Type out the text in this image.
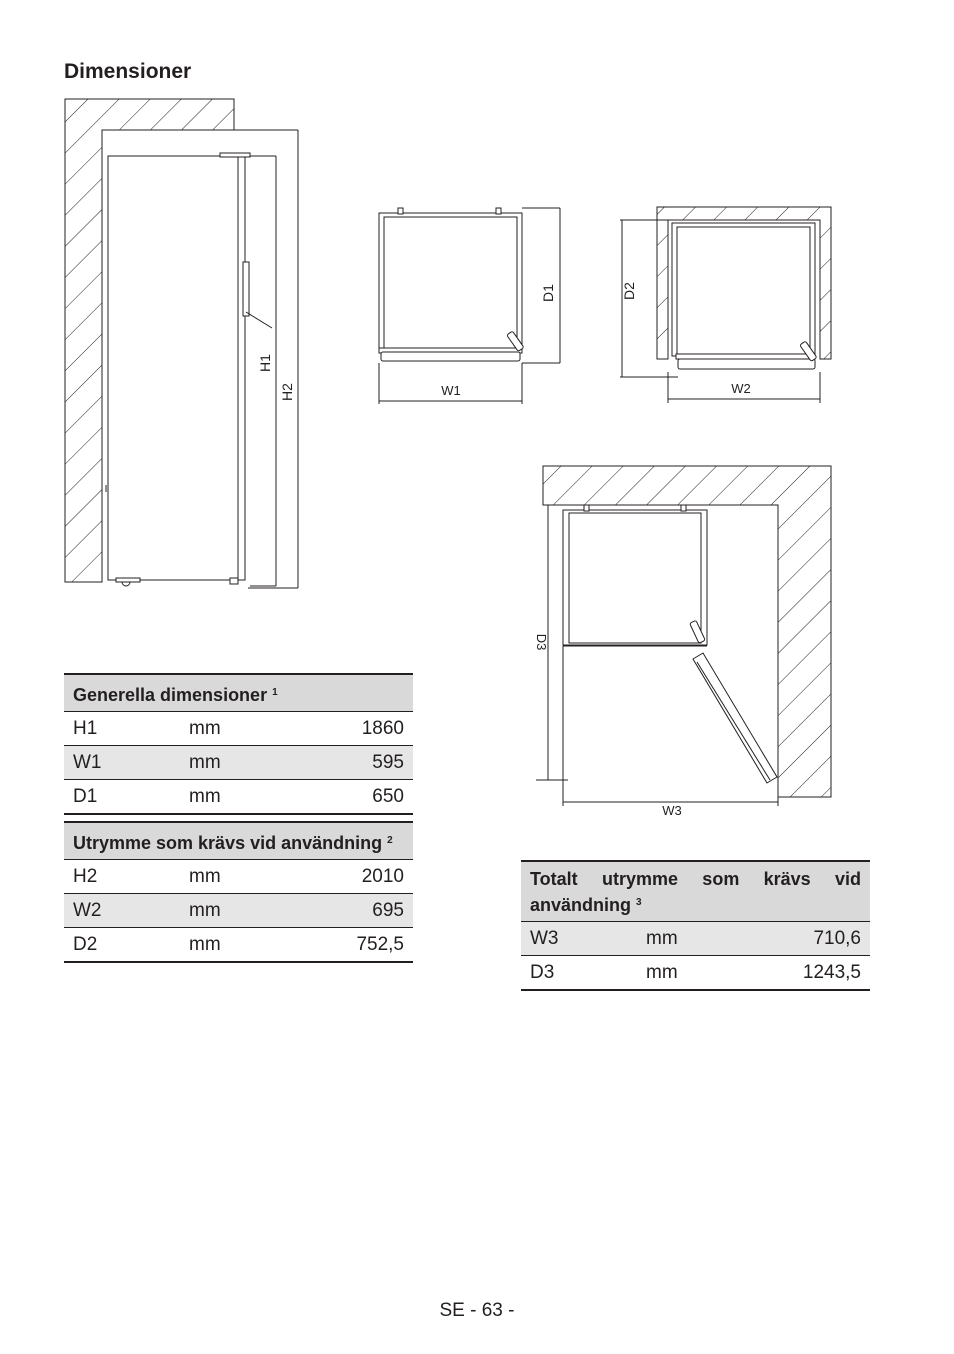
Dimensioner
H1
H2
D1
W1
D2
W2
D3
W3
Generella dimensioner $^1$
H1	mm	1860
W1	mm	595
D1	mm	650
Utrymme som krävs vid användning $^2$
H2	mm	2010
W2	mm	695
D2	mm	752,5
Totalt utrymme som krävs vid användning $^3$
W3	mm	710,6
D3	mm	1243,5
SE - 63 -
